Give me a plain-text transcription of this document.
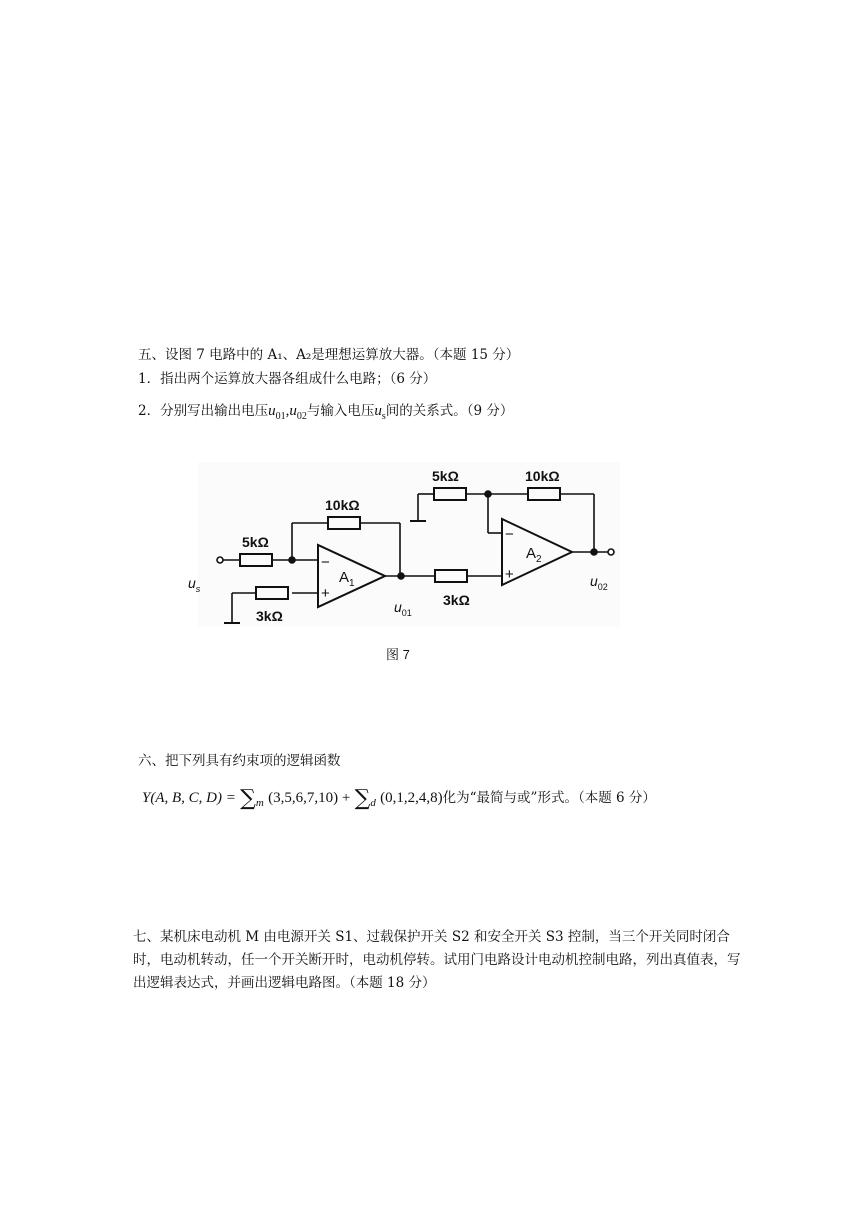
五、设图 7 电路中的 A₁、A₂是理想运算放大器。（本题 15 分）
1．指出两个运算放大器各组成什么电路；（6 分）
2．分别写出输出电压$u_{01},u_{02}$与输入电压$u_s$间的关系式。（9 分）
5kΩ
10kΩ
3kΩ
5kΩ	10kΩ
3kΩ
−
+
−
+
$A_1$
$A_2$
$u_s$
$u_{01}$
$u_{02}$
图 7
六、把下列具有约束项的逻辑函数
Y(A, B, C, $D) = \sum_m$ $(3,5,6,7,10) + \sum_d$ (0,1,2,4,8)化为“最简与或”形式。（本题 6 分）
七、某机床电动机 M 由电源开关 S1、过载保护开关 S2 和安全开关 S3 控制，当三个开关同时闭合时，电动机转动，任一个开关断开时，电动机停转。试用门电路设计电动机控制电路，列出真值表，写出逻辑表达式，并画出逻辑电路图。（本题 18 分）
